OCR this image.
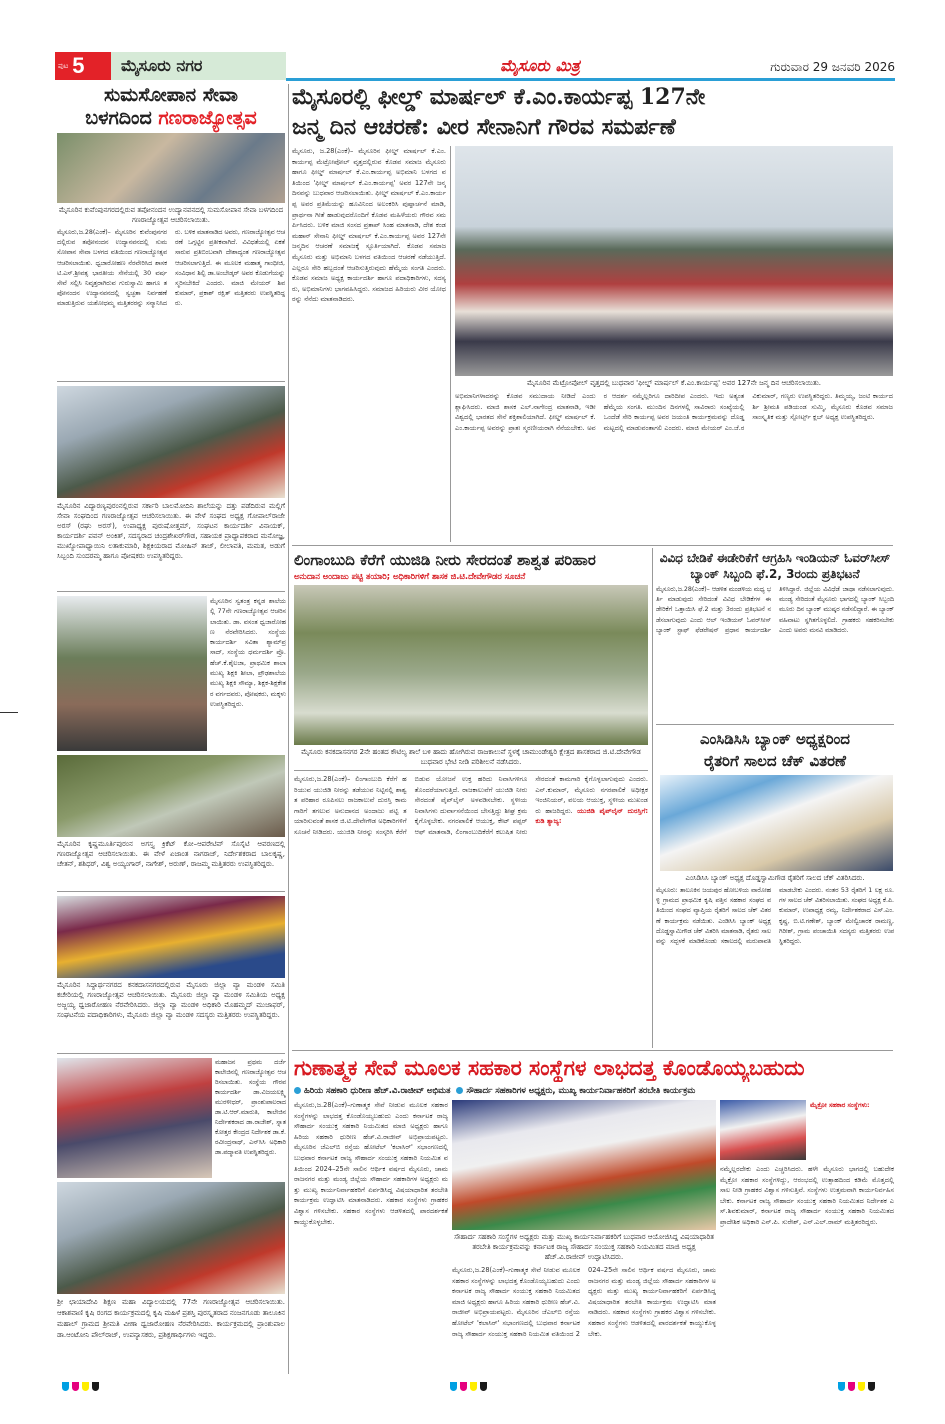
ಪುಟ 5	ಮೈಸೂರು ನಗರ	ಮೈಸೂರು ಮಿತ್ರ	ಗುರುವಾರ 29 ಜನವರಿ 2026
ಸುಮಸೋಪಾನ ಸೇವಾ
ಬಳಗದಿಂದ ಗಣರಾಜ್ಯೋತ್ಸವ
ಮೈಸೂರಿನ ಕುವೆಂಪುನಗರದಲ್ಲಿರುವ ತಪೋನಂದನ ಉದ್ಯಾನವನದಲ್ಲಿ ಸುಮಸೋಪಾನ ಸೇವಾ ಬಳಗದಿಂದ ಗಣರಾಜ್ಯೋತ್ಸವ ಆಚರಿಸಲಾಯಿತು.
ಮೈಸೂರು,ಜ.28(ಎಂಕೆ)– ಮೈಸೂರಿನ ಕುವೆಂಪುನಗರದಲ್ಲಿರುವ ತಪೋನಂದನ ಉದ್ಯಾನವನದಲ್ಲಿ ಸುಮಸೋಪಾನ ಸೇವಾ ಬಳಗದ ವತಿಯಿಂದ ಗಣರಾಜ್ಯೋತ್ಸವ ಆಚರಿಸಲಾಯಿತು. ಧ್ವಜಾರೋಹಣ ನೆರವೇರಿಸಿದ ಶಾಸಕ ಟಿ.ಎಸ್.ಶ್ರೀವತ್ಸ ಭಾರತೀಯ ಸೇನೆಯಲ್ಲಿ 30 ವರ್ಷ ಸೇವೆ ಸಲ್ಲಿಸಿ ನಿವೃತ್ತರಾಗಿರುವ ಗುರುಸ್ವಾಮಿ ಹಾಗೂ ತಪೋನಂದನ ಉದ್ಯಾನವನದಲ್ಲಿ ಸ್ವಚ್ಛತಾ ನಿರ್ವಹಣೆ ಮಾಡುತ್ತಿರುವ ಯಶೋಧಮ್ಮ ಮತ್ತಿತರರನ್ನು ಸನ್ಮಾನಿಸಿದರು. ಬಳಿಕ ಮಾತನಾಡಿದ ಅವರು, ಗಣರಾಜ್ಯೋತ್ಸವ ಆಚರಣೆ ಒಗ್ಗಟ್ಟಿನ ಪ್ರತೀಕವಾಗಿದೆ. ವಿವಿಧತೆಯಲ್ಲಿ ಏಕತೆ ಸಾರುವ ಪ್ರತಿಬಿಂಬವಾಗಿ ದೇಶಾದ್ಯಂತ ಗಣರಾಜ್ಯೋತ್ಸವ ಆಚರಿಸಲಾಗುತ್ತಿದೆ. ಈ ಮೂಲಕ ಮಹಾತ್ಮ ಗಾಂಧೀಜಿ, ಸಂವಿಧಾನ ಶಿಲ್ಪಿ ಡಾ.ಅಂಬೇಡ್ಕರ್ ಅವರ ಕೊಡುಗೆಯನ್ನು ಸ್ಮರಿಸಬೇಕಿದೆ ಎಂದರು. ಮಾಜಿ ಮೇಯರ್ ಶಿವಕುಮಾರ್, ಪ್ರಕಾಶ್ ರಕ್ಷಿತ್ ಮತ್ತಿತರರು ಉಪಸ್ಥಿತರಿದ್ದರು.
ಮೈಸೂರಿನ ವಿದ್ಯಾರಣ್ಯಪುರಂನಲ್ಲಿರುವ ಸರ್ಕಾರಿ ಬಾಲಮೋದಿನಿ ಶಾಲೆಯನ್ನು ದತ್ತು ಪಡೆದಿರುವ ಮಲ್ಲಿಗೆ ಸೇವಾ ಸಂಘದಿಂದ ಗಣರಾಜ್ಯೋತ್ಸವ ಆಚರಿಸಲಾಯಿತು. ಈ ವೇಳೆ ಸಂಘದ ಅಧ್ಯಕ್ಷ ಗೋಪಾಲ್‌ರಾಜೇ ಅರಸ್ (ರಘು ಅರಸ್), ಉಪಾಧ್ಯಕ್ಷ ಪುರುಷೋತ್ತಮ್, ಸಂಘಟನ ಕಾರ್ಯದರ್ಶಿ ವಿನಾಯಕ್, ಕಾರ್ಯದರ್ಶಿ ಪವನ್ ಅಂಕಿತ್, ಸದಸ್ಯರಾದ ಚಂದ್ರಶೇಖರ್‌ಗೌಡ, ಸಹಾಯಕ ಪ್ರಾಧ್ಯಾಪಕರಾದ ಮನೋಜ್ಞ, ಮುಖ್ಯೋಪಾಧ್ಯಾಯಿನಿ ಲತಾಕುಮಾರಿ, ಶಿಕ್ಷಕಿಯರಾದ ಮೋಹಿನ್ ತಾಜ್, ಲೀಲಾವತಿ, ಮಮತ, ಅಡುಗೆ ಸಿಬ್ಬಂದಿ ಸುಂದರಮ್ಮ ಹಾಗೂ ಪೋಷಕರು ಉಪಸ್ಥಿತರಿದ್ದರು.
ಮೈಸೂರಿನ ಸ್ವತಂತ್ರ ಕನ್ನಡ ಶಾಲೆಯಲ್ಲಿ 77ನೇ ಗಣರಾಜ್ಯೋತ್ಸವ ಆಚರಿಸಲಾಯಿತು. ಡಾ. ವಸಂತ ಧ್ವಜಾರೋಹಣ ನೆರವೇರಿಸಿದರು. ಸಂಸ್ಥೆಯ ಕಾರ್ಯದರ್ಶಿ ಸವಿತಾ ಶ್ಯಾಮ್‌ಪ್ರಸಾದ್, ಸಂಸ್ಥೆಯ ಧರ್ಮದರ್ಶಿ ಪ್ರೊ.ಹೆಚ್.ಕೆ.ಶೈಲಜಾ, ಪ್ರಾಥಮಿಕ ಶಾಲಾ ಮುಖ್ಯ ಶಿಕ್ಷಕಿ ಶೀಲಾ, ಪ್ರೌಢಶಾಲೆಯ ಮುಖ್ಯ ಶಿಕ್ಷಕಿ ಸೌಮ್ಯಾ, ಶಿಕ್ಷಕ-ಶಿಕ್ಷಕೇತರ ವರ್ಗದವರು, ಪೋಷಕರು, ಮಕ್ಕಳು ಉಪಸ್ಥಿತರಿದ್ದರು.
ಮೈಸೂರಿನ ಕೃಷ್ಣಮೂರ್ತಿಪುರಂನ ಅಗಸ್ತ್ಯ ಕ್ರಿಕೆಟ್ ಕೋ–ಆಪರೇಟಿವ್ ಸೊಸೈಟಿ ಆವರಣದಲ್ಲಿ ಗಣರಾಜ್ಯೋತ್ಸವ ಆಚರಿಸಲಾಯಿತು. ಈ ವೇಳೆ ಏಜಾಂತ ನಾಗರಾಜ್, ನಿರ್ದೇಶಕರಾದ ಬಾಲಕೃಷ್ಣ, ಚೇತನ್, ಶಶಿಧರ್, ವಿಶ್ವ ಅಯ್ಯಂಗಾರ್, ನಾಗೇಶ್, ಅರುಣ್, ರಾಜಮ್ಮ ಮತ್ತಿತರರು ಉಪಸ್ಥಿತರಿದ್ದರು.
ಮೈಸೂರಿನ ಸಿದ್ಧಾರ್ಥನಗರದ ಕನಕದಾಸನಗರದಲ್ಲಿರುವ ಮೈಸೂರು ಜಿಲ್ಲಾ ವ್ಯಾ ಮಂಡಳಿ ಸಮಿತಿ ಕಚೇರಿಯಲ್ಲಿ ಗಣರಾಜ್ಯೋತ್ಸವ ಆಚರಿಸಲಾಯಿತು. ಮೈಸೂರು ಜಿಲ್ಲಾ ವ್ಯಾ ಮಂಡಳಿ ಸಮಿತಿಯ ಅಧ್ಯಕ್ಷ ಅಜ್ಜಯ್ಯ ಧ್ವಜಾರೋಹಣ ನೆರವೇರಿಸಿದರು. ಜಿಲ್ಲಾ ವ್ಯಾ ಮಂಡಳಿ ಅಧಿಕಾರಿ ಮೊಹಮ್ಮದ್ ಮುಜಾಫರ್, ಸಂಘಟನೆಯ ಪದಾಧಿಕಾರಿಗಳು, ಮೈಸೂರು ಜಿಲ್ಲಾ ವ್ಯಾ ಮಂಡಳಿ ಸದಸ್ಯರು ಮತ್ತಿತರರು ಉಪಸ್ಥಿತರಿದ್ದರು.
ಮಹಾಜನ ಪ್ರಥಮ ದರ್ಜೆ ಕಾಲೇಜಿನಲ್ಲಿ ಗಣರಾಜ್ಯೋತ್ಸವ ಆಚರಿಸಲಾಯಿತು. ಸಂಸ್ಥೆಯ ಗೌರವ ಕಾರ್ಯದರ್ಶಿ ಡಾ.ವಿಜಯಲಕ್ಷ್ಮಿ ಮುರಳೀಧರ್, ಪ್ರಾಂಶುಪಾಲರಾದ ಡಾ.ಟಿ.ಆರ್.ಮಾರುತಿ, ಕಾಲೇಜಿನ ನಿರ್ದೇಶಕರಾದ ಡಾ.ರಾಜೇಶ್, ಸ್ನಾತಕೋತ್ತರ ಕೇಂದ್ರದ ನಿರ್ದೇಶಕ ಡಾ.ಕೆ.ರವೀಂದ್ರನಾಥ್, ಎನ್‌ಸಿಸಿ ಅಧಿಕಾರಿ ಡಾ.ಪದ್ಮಾವತಿ ಉಪಸ್ಥಿತರಿದ್ದರು.
ಶ್ರೀ ಛಾಯಾದೇವಿ ಶಿಕ್ಷಣ ಮಹಾ ವಿದ್ಯಾಲಯದಲ್ಲಿ 77ನೇ ಗಣರಾಜ್ಯೋತ್ಸವ ಆಚರಿಸಲಾಯಿತು. ಆಕಾಶವಾಣಿ ಕೃಷಿ ರಂಗದ ಕಾರ್ಯಕ್ರಮದಲ್ಲಿ ಕೃಷಿ ಮಹಿಳೆ ಪ್ರಶಸ್ತಿ ಪುರಸ್ಕೃತರಾದ ನಂಜನಗೂಡು ತಾಲೂಕಿನ ಮಹಾಲ್ ಗ್ರಾಮದ ಶ್ರೀಮತಿ ವೀಣಾ ಧ್ವಜಾರೋಹಣ ನೆರವೇರಿಸಿದರು. ಕಾರ್ಯಕ್ರಮದಲ್ಲಿ ಪ್ರಾಂಶುಪಾಲ ಡಾ.ಆಂಟೋನಿ ಪೌಲ್‌ರಾಜ್, ಉಪನ್ಯಾಸಕರು, ಪ್ರಶಿಕ್ಷಣಾರ್ಥಿಗಳು ಇದ್ದರು.
ಮೈಸೂರಲ್ಲಿ ಫೀಲ್ಡ್ ಮಾರ್ಷಲ್ ಕೆ.ಎಂ.ಕಾರ್ಯಪ್ಪ 127ನೇ
ಜನ್ಮ ದಿನ ಆಚರಣೆ: ವೀರ ಸೇನಾನಿಗೆ ಗೌರವ ಸಮರ್ಪಣೆ
ಮೈಸೂರು, ಜ.28(ಎಂಕೆ)– ಮೈಸೂರಿನ ಫೀಲ್ಡ್ ಮಾರ್ಷಲ್ ಕೆ.ಎಂ.ಕಾರ್ಯಪ್ಪ ಮೆಟ್ರೋಪೋಲ್ ವೃತ್ತದಲ್ಲಿರುವ ಕೊಡವ ಸಮಾಜ ಮೈಸೂರು ಹಾಗೂ ಫೀಲ್ಡ್ ಮಾರ್ಷಲ್ ಕೆ.ಎಂ.ಕಾರ್ಯಪ್ಪ ಅಭಿಮಾನಿ ಬಳಗದ ವತಿಯಿಂದ 'ಫೀಲ್ಡ್ ಮಾರ್ಷಲ್ ಕೆ.ಎಂ.ಕಾರ್ಯಪ್ಪ' ಅವರ 127ನೇ ಜನ್ಮ ದಿನವನ್ನು ಬುಧವಾರ ಆಚರಿಸಲಾಯಿತು. ಫೀಲ್ಡ್ ಮಾರ್ಷಲ್ ಕೆ.ಎಂ.ಕಾರ್ಯಪ್ಪ ಅವರ ಪ್ರತಿಮೆಯನ್ನು ಹೂವಿನಿಂದ ಅಲಂಕರಿಸಿ ಪುಷ್ಪಾರ್ಚನೆ ಮಾಡಿ, ಪ್ರಾರ್ಥನಾ ಗೀತೆ ಹಾಡುವುದರೊಂದಿಗೆ ಕೊಡವ ಮಹಿಳೆಯರು ಗೌರವ ಸಮರ್ಪಿಸಿದರು. ಬಳಿಕ ಮಾಜಿ ಸಂಸದ ಪ್ರತಾಪ್ ಸಿಂಹ ಮಾತನಾಡಿ, ದೇಶ ಕಂಡ ಮಹಾನ್ ಸೇನಾನಿ ಫೀಲ್ಡ್ ಮಾರ್ಷಲ್ ಕೆ.ಎಂ.ಕಾರ್ಯಪ್ಪ ಅವರ 127ನೇ ಜನ್ಮದಿನ ಆಚರಣೆ ಸಮಾಜಕ್ಕೆ ಸ್ಫೂರ್ತಿಯಾಗಿದೆ. ಕೊಡವ ಸಮಾಜ ಮೈಸೂರು ಮತ್ತು ಅಭಿಮಾನಿ ಬಳಗದ ವತಿಯಿಂದ ಆಚರಣೆ ನಡೆಯುತ್ತಿದೆ. ಎಲ್ಲರೂ ಸೇರಿ ಹಬ್ಬದಂತೆ ಆಚರಿಸುತ್ತಿರುವುದು ಹೆಮ್ಮೆಯ ಸಂಗತಿ ಎಂದರು. ಕೊಡವ ಸಮಾಜ ಅಧ್ಯಕ್ಷ ಕಾರ್ಯದರ್ಶಿ ಹಾಗೂ ಪದಾಧಿಕಾರಿಗಳು, ಸದಸ್ಯರು, ಅಭಿಮಾನಿಗಳು ಭಾಗವಹಿಸಿದ್ದರು. ಸಮಾಜದ ಹಿರಿಯರು ವೀರ ಯೋಧರನ್ನು ನೆನೆದು ಮಾತನಾಡಿದರು.
ಮೈಸೂರಿನ ಮೆಟ್ರೋಪೋಲ್ ವೃತ್ತದಲ್ಲಿ ಬುಧವಾರ 'ಫೀಲ್ಡ್ ಮಾರ್ಷಲ್ ಕೆ.ಎಂ.ಕಾರ್ಯಪ್ಪ' ಅವರ 127ನೇ ಜನ್ಮ ದಿನ ಆಚರಿಸಲಾಯಿತು.
ಅಭಿಮಾನಿಗಳಾದರನ್ನು ಕೊಡವ ಸಮುದಾಯ ನೀಡಿದೆ ಎಂದು ಶ್ಲಾಘಿಸಿದರು. ಮಾಜಿ ಶಾಸಕ ಎಲ್.ನಾಗೇಂದ್ರ ಮಾತನಾಡಿ, ಇಡೀ ವಿಶ್ವದಲ್ಲಿ ಭಾರತದ ಸೇನೆ ಶಕ್ತಿಶಾಲಿಯಾಗಿದೆ. ಫೀಲ್ಡ್ ಮಾರ್ಷಲ್ ಕೆ.ಎಂ.ಕಾರ್ಯಪ್ಪ ಅವರನ್ನು ಪ್ರಾತಃ ಸ್ಮರಣೀಯರಾಗಿ ನೆನೆಯಬೇಕು. ಅವರ ಆದರ್ಶ ನಮ್ಮೆಲ್ಲರಿಗೂ ದಾರಿದೀಪ ಎಂದರು. ಇದು ಅತ್ಯಂತ ಹೆಮ್ಮೆಯ ಸಂಗತಿ. ಮುಂದಿನ ದಿನಗಳಲ್ಲಿ ಸಾವಿರಾರು ಸಂಖ್ಯೆಯಲ್ಲಿ ಒಂದೆಡೆ ಸೇರಿ ಕಾರ್ಯಪ್ಪ ಅವರ ಜಯಂತಿ ಕಾರ್ಯಕ್ರಮವನ್ನು ದೊಡ್ಡ ಮಟ್ಟದಲ್ಲಿ ಮಾಡುವಂತಾಗಲಿ ಎಂದರು. ಮಾಜಿ ಮೇಯರ್ ಎಂ.ಜೆ.ರವಿಕುಮಾರ್, ಗಣ್ಯರು ಉಪಸ್ಥಿತರಿದ್ದರು. ತಿಮ್ಮಯ್ಯ, ಜಂಟಿ ಕಾರ್ಯದರ್ಶಿ ಶ್ರೀಮತಿ ಪಡಿಯಂಡ ಸುಮ್ಮಿ, ಮೈಸೂರು ಕೊಡವ ಸಮಾಜ ಸಾಂಸ್ಕೃತಿಕ ಮತ್ತು ಸ್ಪೋರ್ಟ್ಸ್ ಕ್ಲಬ್ ಅಧ್ಯಕ್ಷ ಉಪಸ್ಥಿತರಿದ್ದರು.
ಲಿಂಗಾಂಬುದಿ ಕೆರೆಗೆ ಯುಜಿಡಿ ನೀರು ಸೇರದಂತೆ ಶಾಶ್ವತ ಪರಿಹಾರ
ಅನುದಾನ ಅಂದಾಜು ಪಟ್ಟಿ ತಯಾರಿ; ಅಧಿಕಾರಿಗಳಿಗೆ ಶಾಸಕ ಜಿ.ಟಿ.ದೇವೇಗೌಡರ ಸೂಚನೆ
ಮೈಸೂರು ಕನಕದಾಸನಗರ 2ನೇ ಹಂತದ ಕೌಟಿಲ್ಯ ಶಾಲೆ ಬಳಿ ಹಾದು ಹೋಗಿರುವ ರಾಜಕಾಲುವೆ ಸ್ಥಳಕ್ಕೆ ಚಾಮುಂಡೇಶ್ವರಿ ಕ್ಷೇತ್ರದ ಶಾಸಕರಾದ ಜಿ.ಟಿ.ದೇವೇಗೌಡ ಬುಧವಾರ ಭೇಟಿ ನೀಡಿ ಪರಿಶೀಲನೆ ನಡೆಸಿದರು.
ಮೈಸೂರು,ಜ.28(ಎಂಕೆ)– ಲಿಂಗಾಂಬುದಿ ಕೆರೆಗೆ ಹರಿಯುವ ಯುಜಿಡಿ ನೀರನ್ನು ತಡೆಯುವ ನಿಟ್ಟಿನಲ್ಲಿ ಶಾಶ್ವತ ಪರಿಹಾರ ರೂಪಿಸಲು ರಾಜಕಾಲುವೆ ದುರಸ್ತಿ ಕಾಮಗಾರಿಗೆ ತಗಲುವ ಅನುದಾನದ ಅಂದಾಜು ಪಟ್ಟಿ ತಯಾರಿಸುವಂತೆ ಶಾಸಕ ಜಿ.ಟಿ.ದೇವೇಗೌಡ ಅಧಿಕಾರಿಗಳಿಗೆ ಸೂಚನೆ ನೀಡಿದರು. ಯುಜಿಡಿ ನೀರನ್ನು ಸಂಸ್ಕರಿಸಿ ಕೆರೆಗೆ ಬಿಡುವ ಯೋಜನೆ ಉಕ್ತ ಹರಿದು ನಿವಾಸಿಗಳಿಗೂ ತೊಂದರೆಯಾಗುತ್ತಿದೆ. ರಾಜಕಾಲುವೆಗೆ ಯುಜಿಡಿ ನೀರು ಸೇರದಂತೆ ಪೈಪ್‌ಲೈನ್ ಅಳವಡಿಸಬೇಕು. ಸ್ಥಳೀಯ ನಿವಾಸಿಗಳು ದುರ್ವಾಸನೆಯಿಂದ ಬೇಸತ್ತಿದ್ದು ಶೀಘ್ರ ಕ್ರಮ ಕೈಗೊಳ್ಳಬೇಕು. ನಗರಪಾಲಿಕೆ ಆಯುಕ್ತ, ಕೇಟ್ ಪಪ್ಪರ್ ಆಫ್ ಮಾತನಾಡಿ, ಲಿಂಗಾಂಬುದಿಕೆರೆಗೆ ಕಲುಷಿತ ನೀರು ಸೇರದಂತೆ ಕಾಮಗಾರಿ ಕೈಗೊಳ್ಳಲಾಗುವುದು ಎಂದರು. ಎನ್.ಕುಮಾರ್, ಮೈಸೂರು ನಗರಪಾಲಿಕೆ ಅಧೀಕ್ಷಕ ಇಂಜಿನಿಯರ್, ವಲಯ ಆಯುಕ್ತ, ಸ್ಥಳೀಯ ಮುಖಂಡರು ಹಾಜರಿದ್ದರು. ಯುಜಿಡಿ ಪೈಪ್‌ಲೈನ್ ದುರಸ್ತಿಗೆ: ಕುಡಿ ತ್ಯಾಜ್ಯ:
ವಿವಿಧ ಬೇಡಿಕೆ ಈಡೇರಿಕೆಗೆ ಆಗ್ರಹಿಸಿ ಇಂಡಿಯನ್ ಓವರ್‌ಸೀಸ್ ಬ್ಯಾಂಕ್ ಸಿಬ್ಬಂದಿ ಫೆ.2, 3ರಂದು ಪ್ರತಿಭಟನೆ
ಮೈಸೂರು,ಜ.28(ಎಂಕೆ)– ಆಡಳಿತ ಮಂಡಳಿಯ ಮಧ್ಯ ಭರ್ತಿ ಮಾಡುವುದು ಸೇರಿದಂತೆ ವಿವಿಧ ಬೇಡಿಕೆಗಳ ಈಡೇರಿಕೆಗೆ ಒತ್ತಾಯಿಸಿ ಫೆ.2 ಮತ್ತು 3ರಂದು ಪ್ರತಿಭಟನೆ ನಡೆಸಲಾಗುವುದು ಎಂದು ಆಲ್ ಇಂಡಿಯನ್ ಓವರ್‌ಸೀಸ್ ಬ್ಯಾಂಕ್ ಸ್ಟಾಫ್ ಫೆಡರೇಷನ್ ಪ್ರಧಾನ ಕಾರ್ಯದರ್ಶಿ ತಿಳಿಸಿದ್ದಾರೆ. ಜಿಲ್ಲೆಯ ವಿವಿಧೆಡೆ ಜಾಥಾ ನಡೆಸಲಾಗುವುದು. ಮಂಡ್ಯ ಸೇರಿದಂತೆ ಮೈಸೂರು ಭಾಗದಲ್ಲಿ ಬ್ಯಾಂಕ್ ಸಿಬ್ಬಂದಿ ಮೂರು ದಿನ ಬ್ಯಾಂಕ್ ಮುಷ್ಕರ ನಡೆಸಲಿದ್ದಾರೆ. ಈ ಬ್ಯಾಂಕ್ ವಹಿವಾಟು ಸ್ಥಗಿತಗೊಳ್ಳಲಿದೆ. ಗ್ರಾಹಕರು ಸಹಕರಿಸಬೇಕು ಎಂದು ಅವರು ಮನವಿ ಮಾಡಿದರು.
ಎಂಸಿಡಿಸಿಸಿ ಬ್ಯಾಂಕ್ ಅಧ್ಯಕ್ಷರಿಂದ
ರೈತರಿಗೆ ಸಾಲದ ಚೆಕ್ ವಿತರಣೆ
ಎಂಸಿಡಿಸಿಸಿ ಬ್ಯಾಂಕ್ ಅಧ್ಯಕ್ಷ ದೊಡ್ಡಸ್ವಾಮಿಗೌಡ ರೈತರಿಗೆ ಸಾಲದ ಚೆಕ್ ವಿತರಿಸಿದರು.
ಮೈಸೂರು: ತಾಲೂಕಿನ ಜಯಪುರ ಹೋಬಳಿಯ ವಾರೋಹಳ್ಳಿ ಗ್ರಾಮದ ಪ್ರಾಥಮಿಕ ಕೃಷಿ ಪತ್ತಿನ ಸಹಕಾರ ಸಂಘದ ವತಿಯಿಂದ ಸಂಘದ ವ್ಯಾಪ್ತಿಯ ರೈತರಿಗೆ ಸಾಲದ ಚೆಕ್ ವಿತರಣೆ ಕಾರ್ಯಕ್ರಮ ನಡೆಯಿತು. ಎಂಡಿಸಿಸಿ ಬ್ಯಾಂಕ್ ಅಧ್ಯಕ್ಷ ದೊಡ್ಡಸ್ವಾಮಿಗೌಡ ಚೆಕ್ ವಿತರಿಸಿ ಮಾತನಾಡಿ, ರೈತರು ಸಾಲವನ್ನು ಸದ್ಬಳಕೆ ಮಾಡಿಕೊಂಡು ಸಕಾಲದಲ್ಲಿ ಮರುಪಾವತಿ ಮಾಡಬೇಕು ಎಂದರು. ನಂತರ 53 ರೈತರಿಗೆ 1 ಲಕ್ಷ ರೂ.ಗಳ ಸಾಲದ ಚೆಕ್ ವಿತರಿಸಲಾಯಿತು. ಸಂಘದ ಅಧ್ಯಕ್ಷ ಕೆ.ಪಿ.ಕುಮಾರ್, ಉಪಾಧ್ಯಕ್ಷ ರಮ್ಯ, ನಿರ್ದೇಶಕರಾದ ಎಸ್.ಎಂ.ಕೃಷ್ಣ, ಬಿ.ಟಿ.ಗಣೇಶ್, ಬ್ಯಾಂಕ್ ಮೇಲ್ವಿಚಾರಕ ರಾಮಣ್ಣ, ಗಿರೀಶ್, ಗ್ರಾಮ ಪಂಚಾಯಿತಿ ಸದಸ್ಯರು ಮತ್ತಿತರರು ಉಪಸ್ಥಿತರಿದ್ದರು.
ಗುಣಾತ್ಮಕ ಸೇವೆ ಮೂಲಕ ಸಹಕಾರ ಸಂಸ್ಥೆಗಳ ಲಾಭದತ್ತ ಕೊಂಡೊಯ್ಯಬಹುದು
ಹಿರಿಯ ಸಹಕಾರಿ ಧುರೀಣ ಹೆಚ್.ವಿ.ರಾಜೀವ್ ಅಭಿಮತ ಸೌಹಾರ್ದ ಸಹಕಾರಿಗಳ ಅಧ್ಯಕ್ಷರು, ಮುಖ್ಯ ಕಾರ್ಯನಿರ್ವಾಹಕರಿಗೆ ತರಬೇತಿ ಕಾರ್ಯಕ್ರಮ
ಮೈಸೂರು,ಜ.28(ಎಂಕೆ)–ಗುಣಾತ್ಮಕ ಸೇವೆ ನೀಡುವ ಮೂಲಕ ಸಹಕಾರ ಸಂಸ್ಥೆಗಳನ್ನು ಲಾಭದತ್ತ ಕೊಂಡೊಯ್ಯಬಹುದು ಎಂದು ಕರ್ನಾಟಕ ರಾಜ್ಯ ಸೌಹಾರ್ದ ಸಂಯುಕ್ತ ಸಹಕಾರಿ ನಿಯಮಿತದ ಮಾಜಿ ಅಧ್ಯಕ್ಷರು ಹಾಗೂ ಹಿರಿಯ ಸಹಕಾರಿ ಧುರೀಣ ಹೆಚ್.ವಿ.ರಾಜೀವ್ ಅಭಿಪ್ರಾಯಪಟ್ಟರು. ಮೈಸೂರಿನ ಜೆಎಲ್‌ಬಿ ರಸ್ತೆಯ ಹೋಟೆಲ್ 'ಕಲಾಸಿರ್' ಸಭಾಂಗಣದಲ್ಲಿ ಬುಧವಾರ ಕರ್ನಾಟಕ ರಾಜ್ಯ ಸೌಹಾರ್ದ ಸಂಯುಕ್ತ ಸಹಕಾರಿ ನಿಯಮಿತ ವತಿಯಿಂದ 2024–25ನೇ ಸಾಲಿನ ಆರ್ಥಿಕ ವರ್ಷದ ಮೈಸೂರು, ಚಾಮರಾಜನಗರ ಮತ್ತು ಮಂಡ್ಯ ಜಿಲ್ಲೆಯ ಸೌಹಾರ್ದ ಸಹಕಾರಿಗಳ ಅಧ್ಯಕ್ಷರು ಮತ್ತು ಮುಖ್ಯ ಕಾರ್ಯನಿರ್ವಾಹಕರಿಗೆ ಏರ್ಪಡಿಸಿದ್ದ ವಿಷಯಾಧಾರಿತ ತರಬೇತಿ ಕಾರ್ಯಕ್ರಮ ಉದ್ಘಾಟಿಸಿ ಮಾತನಾಡಿದರು. ಸಹಕಾರ ಸಂಸ್ಥೆಗಳು ಗ್ರಾಹಕರ ವಿಶ್ವಾಸ ಗಳಿಸಬೇಕು. ಸಹಕಾರ ಸಂಸ್ಥೆಗಳು ಆಡಳಿತದಲ್ಲಿ ಪಾರದರ್ಶಕತೆ ಕಾಯ್ದುಕೊಳ್ಳಬೇಕು.
ಸೌಹಾರ್ದ ಸಹಕಾರಿ ಸಂಸ್ಥೆಗಳ ಅಧ್ಯಕ್ಷರು ಮತ್ತು ಮುಖ್ಯ ಕಾರ್ಯನಿರ್ವಾಹಕರಿಗೆ ಬುಧವಾರ ಆಯೋಜಿಸಿದ್ದ ವಿಷಯಾಧಾರಿತ ತರಬೇತಿ ಕಾರ್ಯಕ್ರಮವನ್ನು ಕರ್ನಾಟಕ ರಾಜ್ಯ ಸೌಹಾರ್ದ ಸಂಯುಕ್ತ ಸಹಕಾರಿ ನಿಯಮಿತದ ಮಾಜಿ ಅಧ್ಯಕ್ಷ ಹೆಚ್.ವಿ.ರಾಜೀವ್ ಉದ್ಘಾಟಿಸಿದರು.
ಮೈಸೂರು,ಜ.28(ಎಂಕೆ)–ಗುಣಾತ್ಮಕ ಸೇವೆ ನೀಡುವ ಮೂಲಕ ಸಹಕಾರ ಸಂಸ್ಥೆಗಳನ್ನು ಲಾಭದತ್ತ ಕೊಂಡೊಯ್ಯಬಹುದು ಎಂದು ಕರ್ನಾಟಕ ರಾಜ್ಯ ಸೌಹಾರ್ದ ಸಂಯುಕ್ತ ಸಹಕಾರಿ ನಿಯಮಿತದ ಮಾಜಿ ಅಧ್ಯಕ್ಷರು ಹಾಗೂ ಹಿರಿಯ ಸಹಕಾರಿ ಧುರೀಣ ಹೆಚ್.ವಿ.ರಾಜೀವ್ ಅಭಿಪ್ರಾಯಪಟ್ಟರು. ಮೈಸೂರಿನ ಜೆಎಲ್‌ಬಿ ರಸ್ತೆಯ ಹೋಟೆಲ್ 'ಕಲಾಸಿರ್' ಸಭಾಂಗಣದಲ್ಲಿ ಬುಧವಾರ ಕರ್ನಾಟಕ ರಾಜ್ಯ ಸೌಹಾರ್ದ ಸಂಯುಕ್ತ ಸಹಕಾರಿ ನಿಯಮಿತ ವತಿಯಿಂದ 2024–25ನೇ ಸಾಲಿನ ಆರ್ಥಿಕ ವರ್ಷದ ಮೈಸೂರು, ಚಾಮರಾಜನಗರ ಮತ್ತು ಮಂಡ್ಯ ಜಿಲ್ಲೆಯ ಸೌಹಾರ್ದ ಸಹಕಾರಿಗಳ ಅಧ್ಯಕ್ಷರು ಮತ್ತು ಮುಖ್ಯ ಕಾರ್ಯನಿರ್ವಾಹಕರಿಗೆ ಏರ್ಪಡಿಸಿದ್ದ ವಿಷಯಾಧಾರಿತ ತರಬೇತಿ ಕಾರ್ಯಕ್ರಮ ಉದ್ಘಾಟಿಸಿ ಮಾತನಾಡಿದರು. ಸಹಕಾರ ಸಂಸ್ಥೆಗಳು ಗ್ರಾಹಕರ ವಿಶ್ವಾಸ ಗಳಿಸಬೇಕು. ಸಹಕಾರ ಸಂಸ್ಥೆಗಳು ಆಡಳಿತದಲ್ಲಿ ಪಾರದರ್ಶಕತೆ ಕಾಯ್ದುಕೊಳ್ಳಬೇಕು.
ಮೈಕ್ರೋ ಸಹಕಾರ ಸಂಸ್ಥೆಗಳು:
ನಮ್ಮೆಲ್ಲರದೇಕು ಎಂದು ಎಚ್ಚರಿಸಿದರು. ಹಳೇ ಮೈಸೂರು ಭಾಗದಲ್ಲಿ ಬಹುದೇಕ ಮೈಕ್ರೋ ಸಹಕಾರ ಸಂಸ್ಥೆಗಳಿದ್ದು, ಆರಂಭದಲ್ಲಿ ಉತ್ಸಾಹದಿಂದ ಕಡಿಮೆ ಮೊತ್ತದಲ್ಲಿ ಸಾಲ ನೀಡಿ ಗ್ರಾಹಕರ ವಿಶ್ವಾಸ ಗಳಿಸುತ್ತಿವೆ. ಸಂಸ್ಥೆಗಳು ಉತ್ತಮವಾಗಿ ಕಾರ್ಯನಿರ್ವಹಿಸಬೇಕು. ಕರ್ನಾಟಕ ರಾಜ್ಯ ಸೌಹಾರ್ದ ಸಂಯುಕ್ತ ಸಹಕಾರಿ ನಿಯಮಿತದ ನಿರ್ದೇಶಕ ಎಸ್.ಶಿವಕುಮಾರ್, ಕರ್ನಾಟಕ ರಾಜ್ಯ ಸೌಹಾರ್ದ ಸಂಯುಕ್ತ ಸಹಕಾರಿ ನಿಯಮಿತದ ಪ್ರಾದೇಶಿಕ ಅಧಿಕಾರಿ ಎನ್.ಪಿ. ಸುರೇಶ್, ಎನ್.ಎಲ್.ರಾಮ್ ಮತ್ತಿತರರಿದ್ದರು.
